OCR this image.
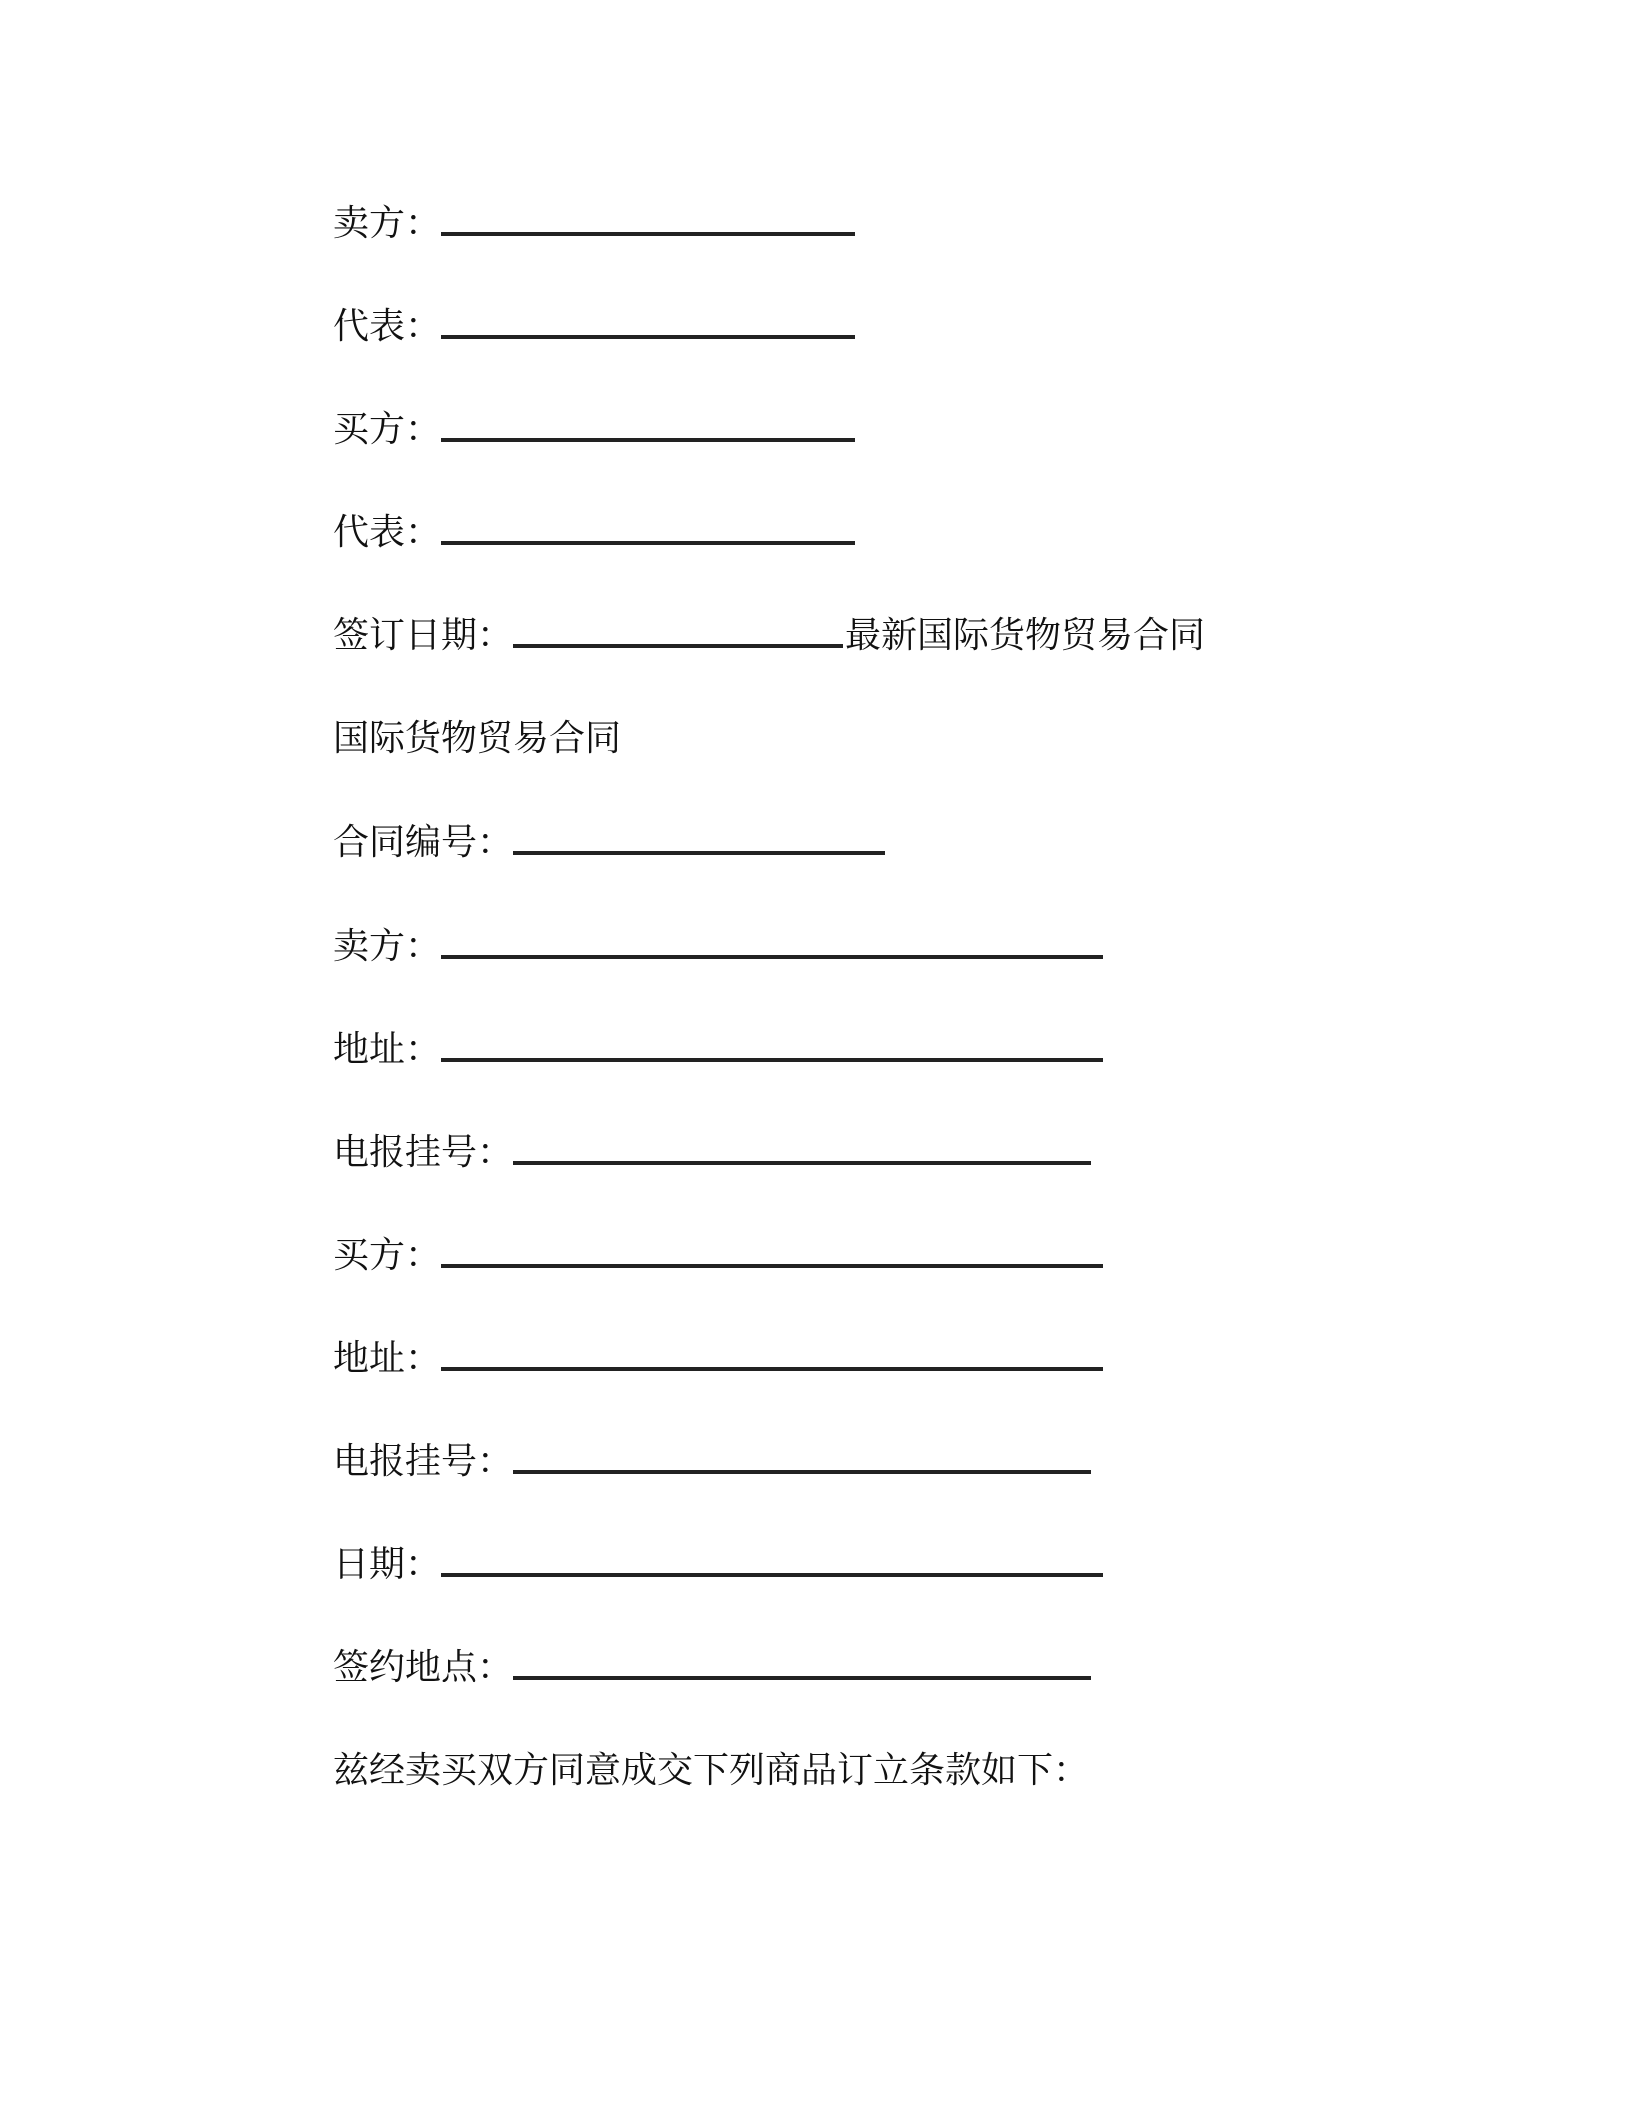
卖方：
代表：
买方：
代表：
签订日期：	最新国际货物贸易合同
国际货物贸易合同
合同编号：
卖方：
地址：
电报挂号：
买方：
地址：
电报挂号：
日期：
签约地点：
兹经卖买双方同意成交下列商品订立条款如下：
